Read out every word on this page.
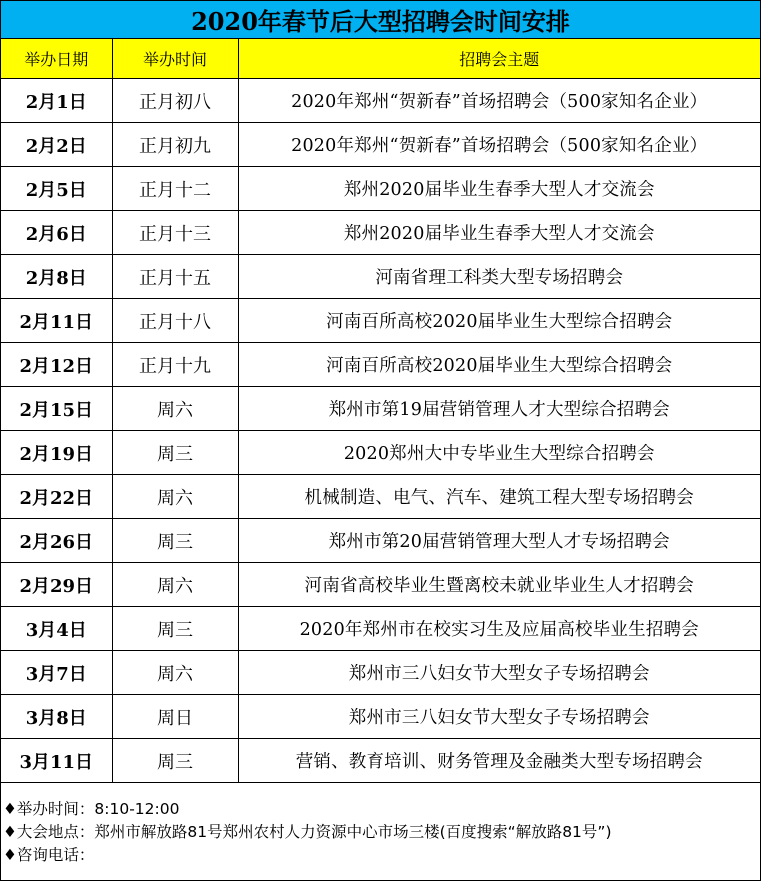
2020年春节后大型招聘会时间安排
举办日期	举办时间	招聘会主题
2月1日	正月初八	2020年郑州“贺新春”首场招聘会（500家知名企业）
2月2日	正月初九	2020年郑州“贺新春”首场招聘会（500家知名企业）
2月5日	正月十二	郑州2020届毕业生春季大型人才交流会
2月6日	正月十三	郑州2020届毕业生春季大型人才交流会
2月8日	正月十五	河南省理工科类大型专场招聘会
2月11日	正月十八	河南百所高校2020届毕业生大型综合招聘会
2月12日	正月十九	河南百所高校2020届毕业生大型综合招聘会
2月15日	周六	郑州市第19届营销管理人才大型综合招聘会
2月19日	周三	2020郑州大中专毕业生大型综合招聘会
2月22日	周六	机械制造、电气、汽车、建筑工程大型专场招聘会
2月26日	周三	郑州市第20届营销管理大型人才专场招聘会
2月29日	周六	河南省高校毕业生暨离校未就业毕业生人才招聘会
3月4日	周三	2020年郑州市在校实习生及应届高校毕业生招聘会
3月7日	周六	郑州市三八妇女节大型女子专场招聘会
3月8日	周日	郑州市三八妇女节大型女子专场招聘会
3月11日	周三	营销、教育培训、财务管理及金融类大型专场招聘会
♦举办时间：8:10-12:00
♦大会地点：郑州市解放路81号郑州农村人力资源中心市场三楼(百度搜索“解放路81号”)
♦咨询电话：
